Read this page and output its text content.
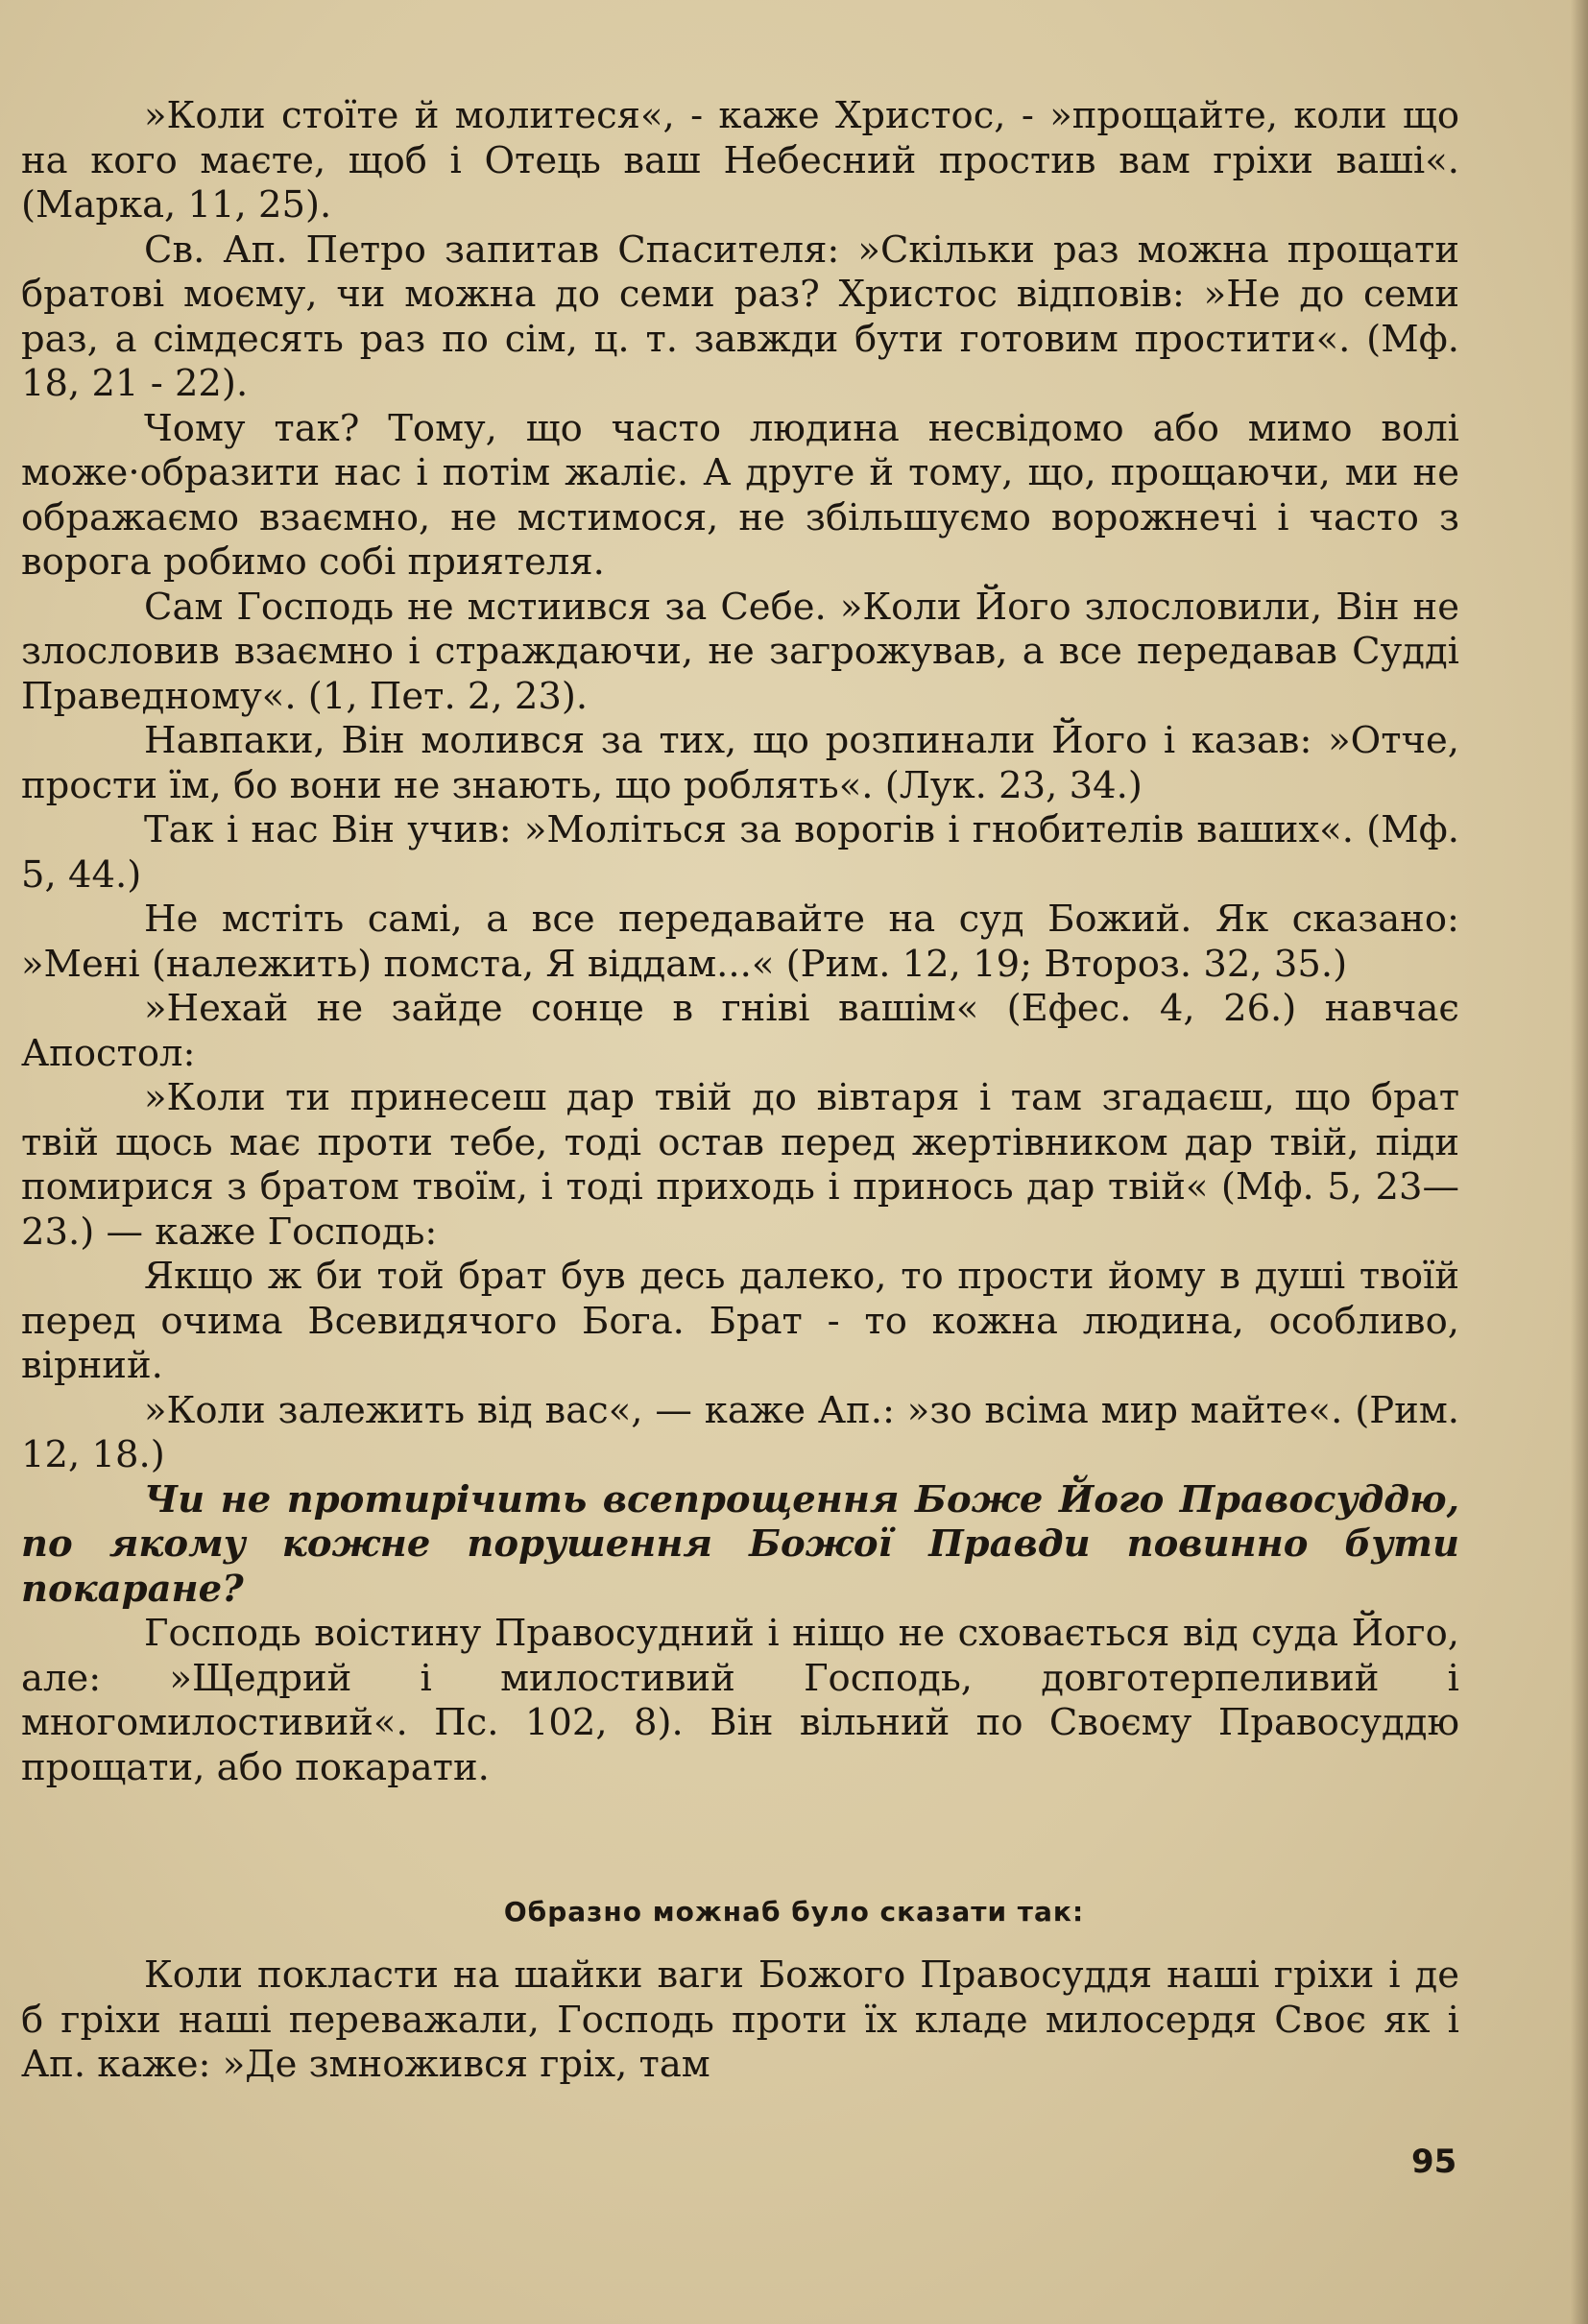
»Коли стоїте й молитеся«, - каже Христос, - »прощайте, коли що на кого маєте, щоб і Отець ваш Небесний простив вам гріхи ваші«. (Марка, 11, 25).

Св. Ап. Петро запитав Спасителя: »Скільки раз можна прощати братові моєму, чи можна до семи раз? Христос відповів: »Не до семи раз, а сімдесять раз по сім, ц. т. завжди бути готовим простити«. (Мф. 18, 21 - 22).

Чому так? Тому, що часто людина несвідомо або мимо волі може·образити нас і потім жаліє. А друге й тому, що, прощаючи, ми не ображаємо взаємно, не мстимося, не збільшуємо ворожнечі і часто з ворога робимо собі приятеля.

Сам Господь не мстиився за Себе. »Коли Його злословили, Він не злословив взаємно і страждаючи, не загрожував, а все передавав Судді Праведному«. (1, Пет. 2, 23).

Навпаки, Він молився за тих, що розпинали Його і казав: »Отче, прости їм, бо вони не знають, що роблять«. (Лук. 23, 34.)

Так і нас Він учив: »Моліться за ворогів і гнобителів ваших«. (Мф. 5, 44.)

Не мстіть самі, а все передавайте на суд Божий. Як сказано: »Мені (належить) помста, Я віддам...« (Рим. 12, 19; Второз. 32, 35.)

»Нехай не зайде сонце в гніві вашім« (Ефес. 4, 26.) навчає Апостол:

»Коли ти принесеш дар твій до вівтаря і там згадаєш, що брат твій щось має проти тебе, тоді остав перед жертівником дар твій, піди помирися з братом твоїм, і тоді приходь і принось дар твій« (Мф. 5, 23—23.) — каже Господь:

Якщо ж би той брат був десь далеко, то прости йому в душі твоїй перед очима Всевидячого Бога. Брат - то кожна людина, особливо, вірний.

»Коли залежить від вас«, — каже Ап.: »зо всіма мир майте«. (Рим. 12, 18.)

Чи не протирічить всепрощення Боже Його Правосуддю, по якому кожне порушення Божої Правди повинно бути покаране?

Господь воістину Правосудний і ніщо не сховається від суда Його, але: »Щедрий і милостивий Господь, довготерпеливий і многомилостивий«. Пс. 102, 8). Він вільний по Своєму Правосуддю прощати, або покарати.

Образно можнаб було сказати так:

Коли покласти на шайки ваги Божого Правосуддя наші гріхи і де б гріхи наші переважали, Господь проти їх кладе милосердя Своє як і Ап. каже: »Де змножився гріх, там

95
